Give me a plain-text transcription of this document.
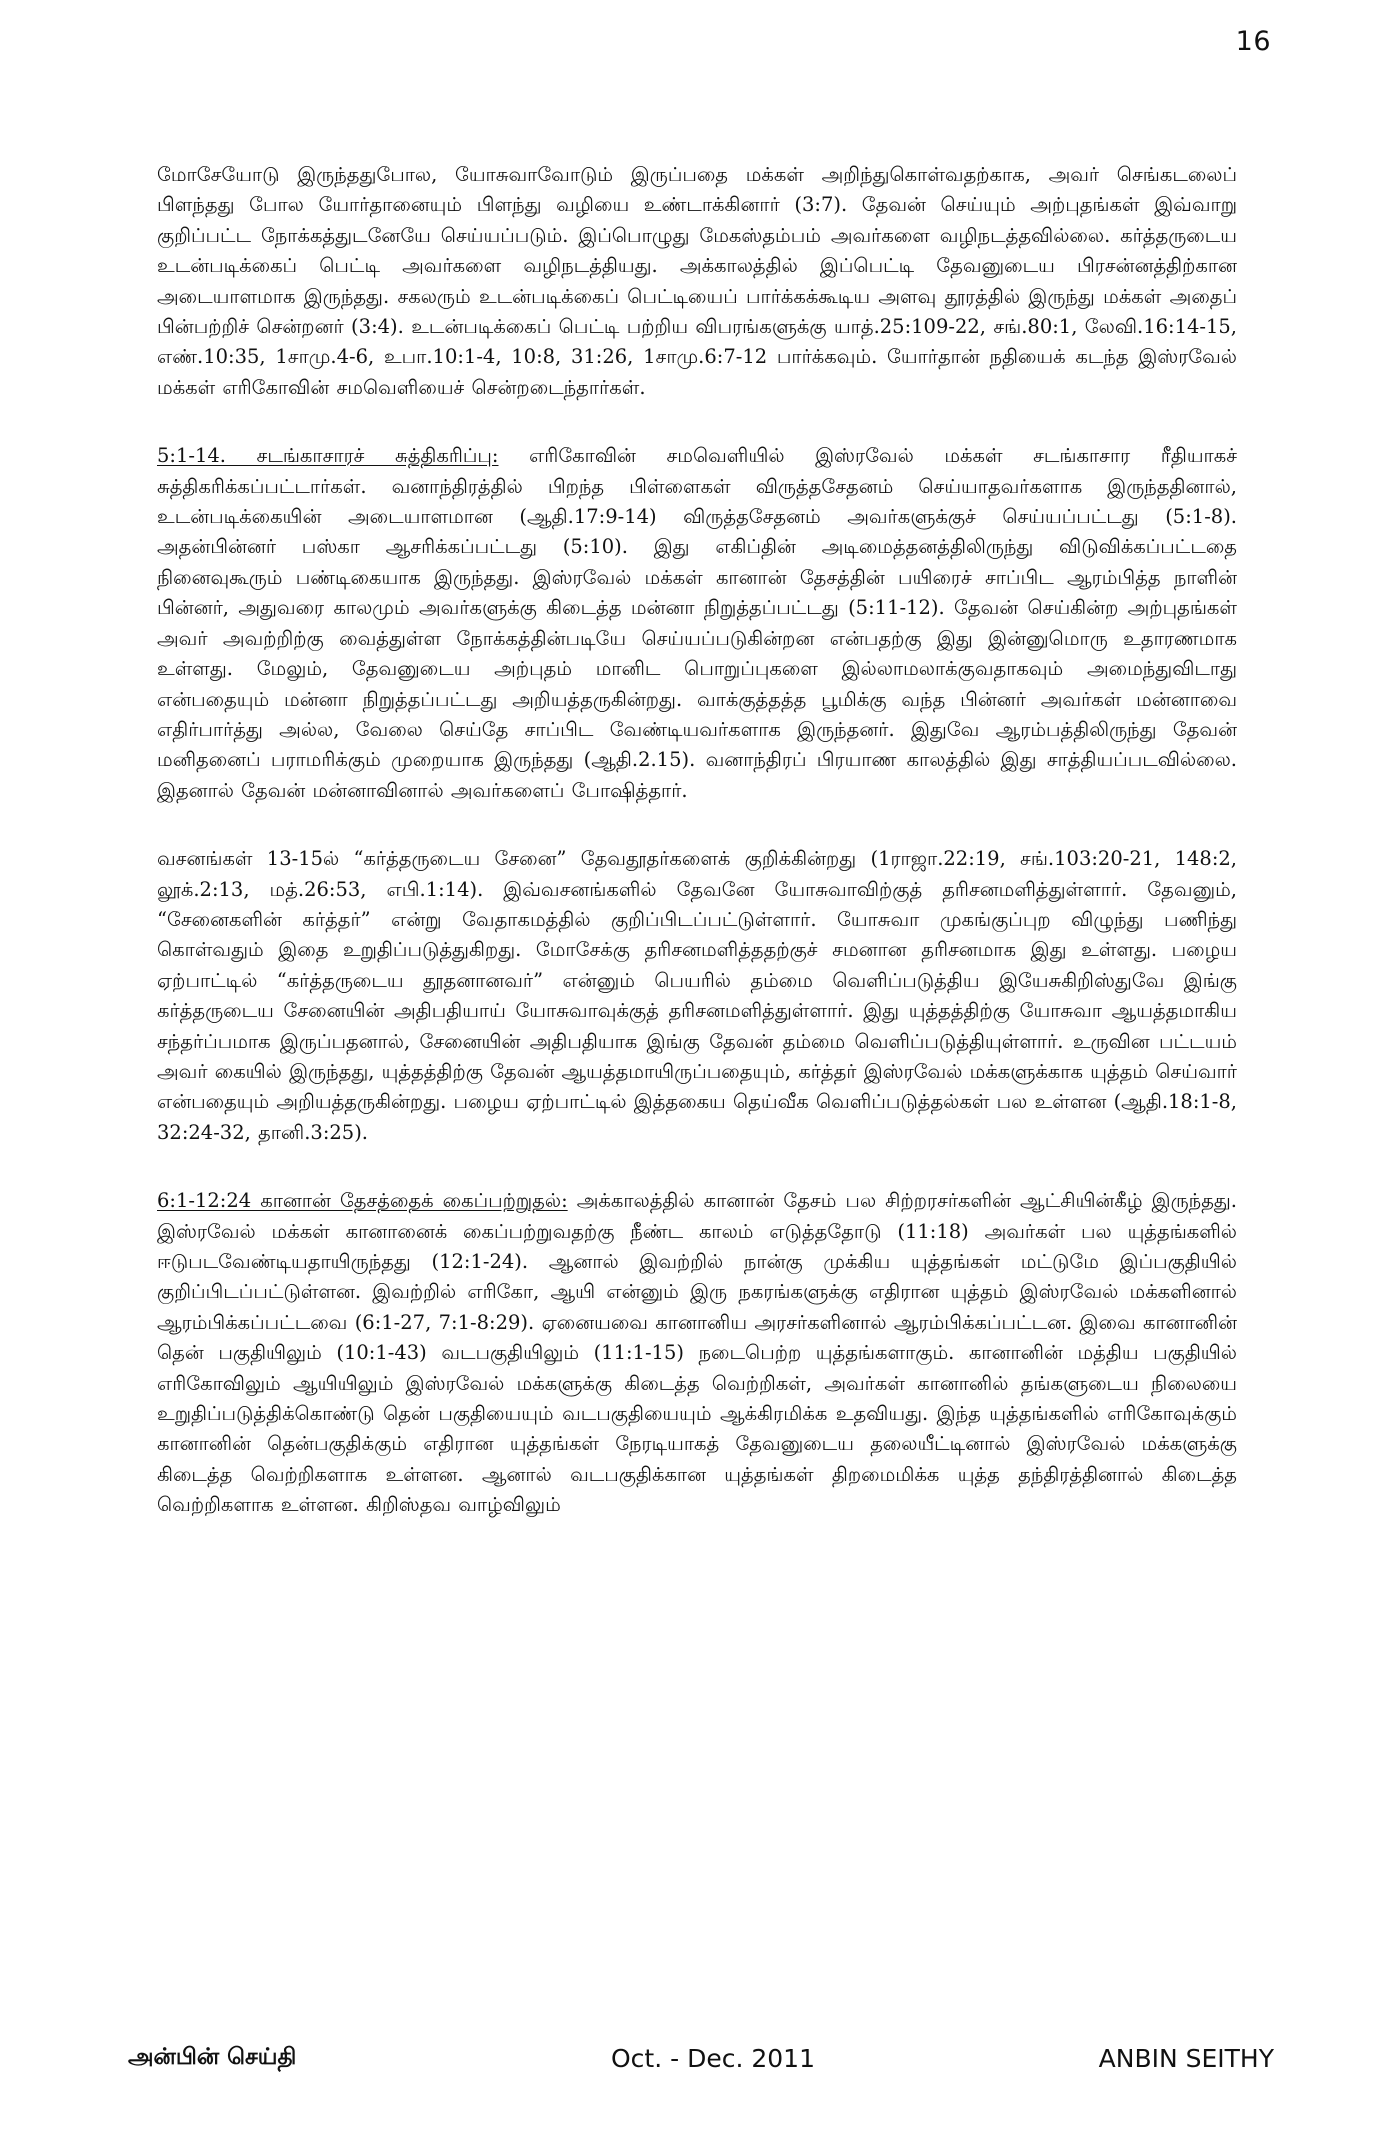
16

மோசேயோடு இருந்ததுபோல, யோசுவாவோடும் இருப்பதை மக்கள் அறிந்துகொள்வதற்காக, அவர் செங்கடலைப் பிளந்தது போல யோர்தானையும் பிளந்து வழியை உண்டாக்கினார் (3:7). தேவன் செய்யும் அற்புதங்கள் இவ்வாறு குறிப்பட்ட நோக்கத்துடனேயே செய்யப்படும். இப்பொழுது மேகஸ்தம்பம் அவர்களை வழிநடத்தவில்லை. கர்த்தருடைய உடன்படிக்கைப் பெட்டி அவர்களை வழிநடத்தியது. அக்காலத்தில் இப்பெட்டி தேவனுடைய பிரசன்னத்திற்கான அடையாளமாக இருந்தது. சகலரும் உடன்படிக்கைப் பெட்டியைப் பார்க்கக்கூடிய அளவு தூரத்தில் இருந்து மக்கள் அதைப் பின்பற்றிச் சென்றனர் (3:4). உடன்படிக்கைப் பெட்டி பற்றிய விபரங்களுக்கு யாத்.25:109-22, சங்.80:1, லேவி.16:14-15, எண்.10:35, 1சாமு.4-6, உபா.10:1-4, 10:8, 31:26, 1சாமு.6:7-12 பார்க்கவும். யோர்தான் நதியைக் கடந்த இஸ்ரவேல் மக்கள் எரிகோவின் சமவெளியைச் சென்றடைந்தார்கள்.

5:1-14. சடங்காசாரச் சுத்திகரிப்பு: எரிகோவின் சமவெளியில் இஸ்ரவேல் மக்கள் சடங்காசார ரீதியாகச் சுத்திகரிக்கப்பட்டார்கள். வனாந்திரத்தில் பிறந்த பிள்ளைகள் விருத்தசேதனம் செய்யாதவர்களாக இருந்ததினால், உடன்படிக்கையின் அடையாளமான (ஆதி.17:9-14) விருத்தசேதனம் அவர்களுக்குச் செய்யப்பட்டது (5:1-8). அதன்பின்னர் பஸ்கா ஆசரிக்கப்பட்டது (5:10). இது எகிப்தின் அடிமைத்தனத்திலிருந்து விடுவிக்கப்பட்டதை நினைவுகூரும் பண்டிகையாக இருந்தது. இஸ்ரவேல் மக்கள் கானான் தேசத்தின் பயிரைச் சாப்பிட ஆரம்பித்த நாளின் பின்னர், அதுவரை காலமும் அவர்களுக்கு கிடைத்த மன்னா நிறுத்தப்பட்டது (5:11-12). தேவன் செய்கின்ற அற்புதங்கள் அவர் அவற்றிற்கு வைத்துள்ள நோக்கத்தின்படியே செய்யப்படுகின்றன என்பதற்கு இது இன்னுமொரு உதாரணமாக உள்ளது. மேலும், தேவனுடைய அற்புதம் மானிட பொறுப்புகளை இல்லாமலாக்குவதாகவும் அமைந்துவிடாது என்பதையும் மன்னா நிறுத்தப்பட்டது அறியத்தருகின்றது. வாக்குத்தத்த பூமிக்கு வந்த பின்னர் அவர்கள் மன்னாவை எதிர்பார்த்து அல்ல, வேலை செய்தே சாப்பிட வேண்டியவர்களாக இருந்தனர். இதுவே ஆரம்பத்திலிருந்து தேவன் மனிதனைப் பராமரிக்கும் முறையாக இருந்தது (ஆதி.2.15). வனாந்திரப் பிரயாண காலத்தில் இது சாத்தியப்படவில்லை. இதனால் தேவன் மன்னாவினால் அவர்களைப் போஷித்தார்.

வசனங்கள் 13-15ல் “கர்த்தருடைய சேனை” தேவதூதர்களைக் குறிக்கின்றது (1ராஜா.22:19, சங்.103:20-21, 148:2, லூக்.2:13, மத்.26:53, எபி.1:14). இவ்வசனங்களில் தேவனே யோசுவாவிற்குத் தரிசனமளித்துள்ளார். தேவனும், “சேனைகளின் கர்த்தர்” என்று வேதாகமத்தில் குறிப்பிடப்பட்டுள்ளார். யோசுவா முகங்குப்புற விழுந்து பணிந்து கொள்வதும் இதை உறுதிப்படுத்துகிறது. மோசேக்கு தரிசனமளித்ததற்குச் சமனான தரிசனமாக இது உள்ளது. பழைய ஏற்பாட்டில் “கர்த்தருடைய தூதனானவர்” என்னும் பெயரில் தம்மை வெளிப்படுத்திய இயேசுகிறிஸ்துவே இங்கு கர்த்தருடைய சேனையின் அதிபதியாய் யோசுவாவுக்குத் தரிசனமளித்துள்ளார். இது யுத்தத்திற்கு யோசுவா ஆயத்தமாகிய சந்தர்ப்பமாக இருப்பதனால், சேனையின் அதிபதியாக இங்கு தேவன் தம்மை வெளிப்படுத்தியுள்ளார். உருவின பட்டயம் அவர் கையில் இருந்தது, யுத்தத்திற்கு தேவன் ஆயத்தமாயிருப்பதையும், கர்த்தர் இஸ்ரவேல் மக்களுக்காக யுத்தம் செய்வார் என்பதையும் அறியத்தருகின்றது. பழைய ஏற்பாட்டில் இத்தகைய தெய்வீக வெளிப்படுத்தல்கள் பல உள்ளன (ஆதி.18:1-8, 32:24-32, தானி.3:25).

6:1-12:24 கானான் தேசத்தைக் கைப்பற்றுதல்: அக்காலத்தில் கானான் தேசம் பல சிற்றரசர்களின் ஆட்சியின்கீழ் இருந்தது. இஸ்ரவேல் மக்கள் கானானைக் கைப்பற்றுவதற்கு நீண்ட காலம் எடுத்ததோடு (11:18) அவர்கள் பல யுத்தங்களில் ஈடுபடவேண்டியதாயிருந்தது (12:1-24). ஆனால் இவற்றில் நான்கு முக்கிய யுத்தங்கள் மட்டுமே இப்பகுதியில் குறிப்பிடப்பட்டுள்ளன. இவற்றில் எரிகோ, ஆயி என்னும் இரு நகரங்களுக்கு எதிரான யுத்தம் இஸ்ரவேல் மக்களினால் ஆரம்பிக்கப்பட்டவை (6:1-27, 7:1-8:29). ஏனையவை கானானிய அரசர்களினால் ஆரம்பிக்கப்பட்டன. இவை கானானின் தென் பகுதியிலும் (10:1-43) வடபகுதியிலும் (11:1-15) நடைபெற்ற யுத்தங்களாகும். கானானின் மத்திய பகுதியில் எரிகோவிலும் ஆயியிலும் இஸ்ரவேல் மக்களுக்கு கிடைத்த வெற்றிகள், அவர்கள் கானானில் தங்களுடைய நிலையை உறுதிப்படுத்திக்கொண்டு தென் பகுதியையும் வடபகுதியையும் ஆக்கிரமிக்க உதவியது. இந்த யுத்தங்களில் எரிகோவுக்கும் கானானின் தென்பகுதிக்கும் எதிரான யுத்தங்கள் நேரடியாகத் தேவனுடைய தலையீட்டினால் இஸ்ரவேல் மக்களுக்கு கிடைத்த வெற்றிகளாக உள்ளன. ஆனால் வடபகுதிக்கான யுத்தங்கள் திறமைமிக்க யுத்த தந்திரத்தினால் கிடைத்த வெற்றிகளாக உள்ளன. கிறிஸ்தவ வாழ்விலும்

அன்பின் செய்தி	Oct. - Dec. 2011	ANBIN SEITHY
